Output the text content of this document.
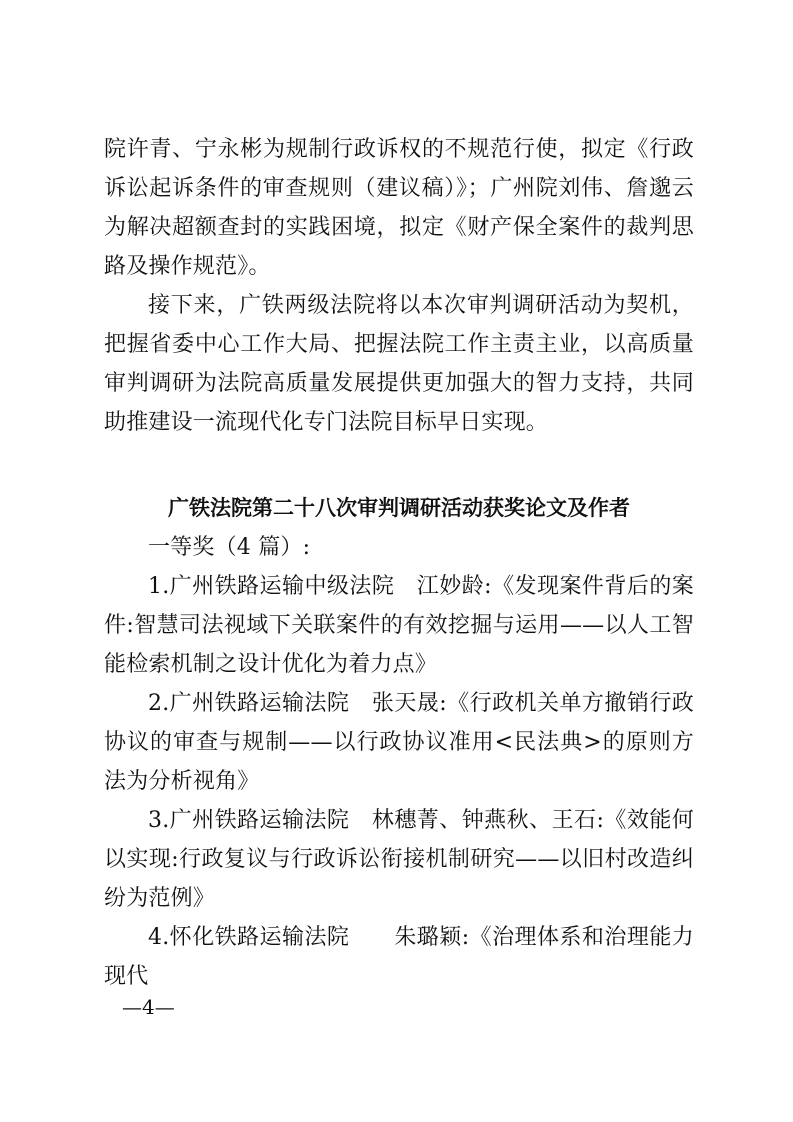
院许青、宁永彬为规制行政诉权的不规范行使，拟定《行政诉讼起诉条件的审查规则（建议稿）》；广州院刘伟、詹邈云为解决超额查封的实践困境，拟定《财产保全案件的裁判思路及操作规范》。

接下来，广铁两级法院将以本次审判调研活动为契机，把握省委中心工作大局、把握法院工作主责主业，以高质量审判调研为法院高质量发展提供更加强大的智力支持，共同助推建设一流现代化专门法院目标早日实现。

广铁法院第二十八次审判调研活动获奖论文及作者

一等奖（4 篇）:

1.广州铁路运输中级法院　江妙龄:《发现案件背后的案件:智慧司法视域下关联案件的有效挖掘与运用——以人工智能检索机制之设计优化为着力点》

2.广州铁路运输法院　张天晟:《行政机关单方撤销行政协议的审查与规制——以行政协议准用<民法典>的原则方法为分析视角》

3.广州铁路运输法院　林穗菁、钟燕秋、王石:《效能何以实现:行政复议与行政诉讼衔接机制研究——以旧村改造纠纷为范例》

4.怀化铁路运输法院　　朱璐颖:《治理体系和治理能力现代

—4—
